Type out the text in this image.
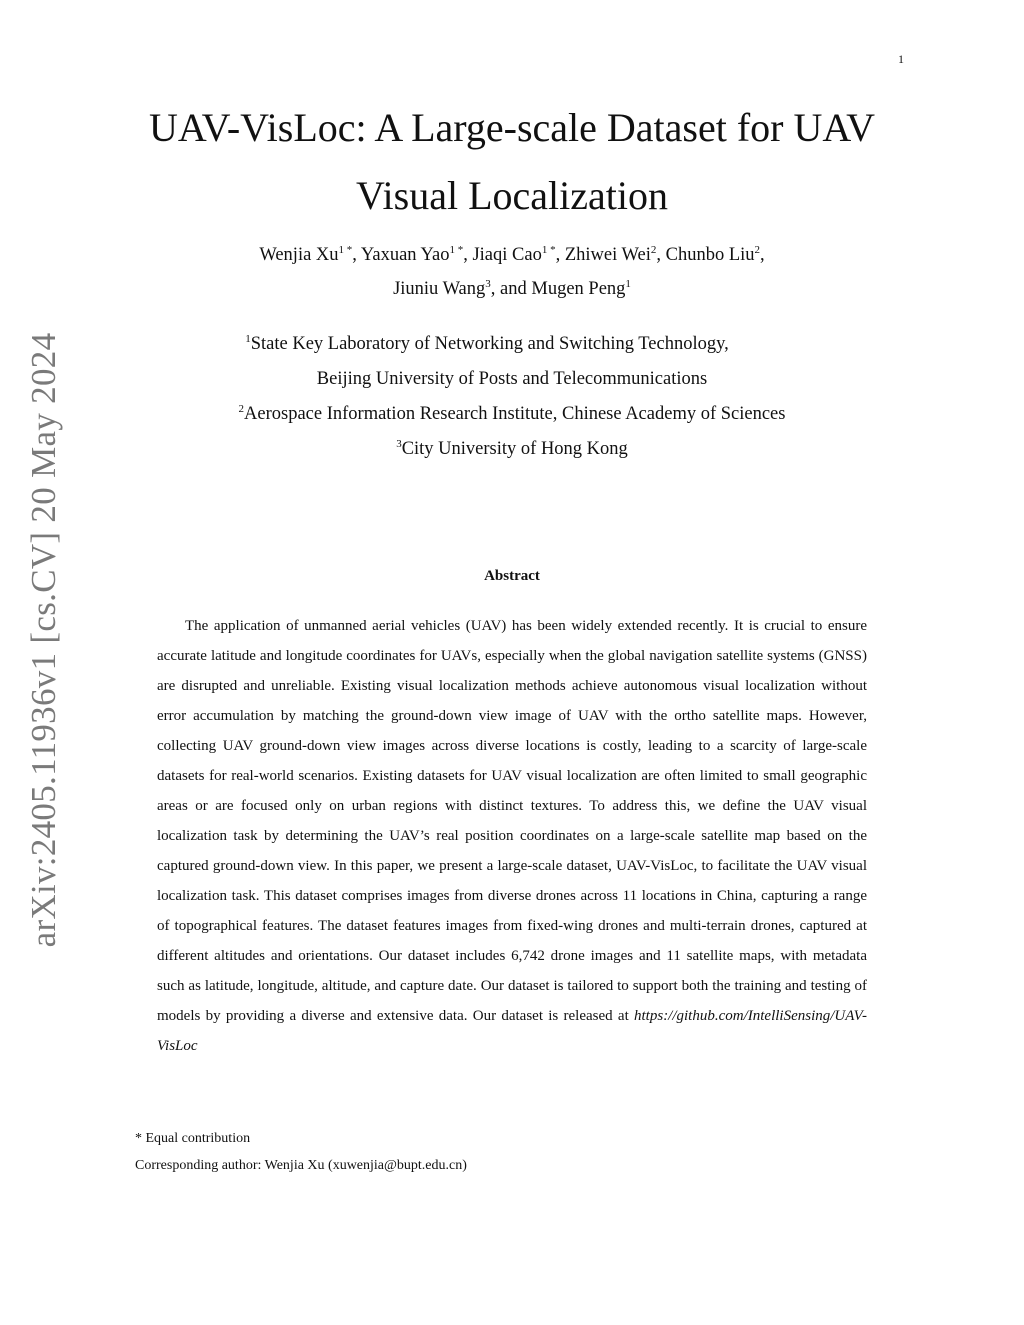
1
arXiv:2405.11936v1 [cs.CV] 20 May 2024
UAV-VisLoc: A Large-scale Dataset for UAV Visual Localization
Wenjia $Xu^{1 *}$, Yaxuan Yao$^{1 *}$, Jiaqi Cao$^{1 *}$, Zhiwei Wei$^2$, Chunbo Liu$^2$,
Jiuniu Wang$^3$, and Mugen Peng$^1$
$^1$State Key Laboratory of Networking and Switching Technology,
Beijing University of Posts and Telecommunications
$^2$Aerospace Information Research Institute, Chinese Academy of Sciences
$^3$City University of Hong Kong
Abstract

The application of unmanned aerial vehicles (UAV) has been widely extended recently. It is crucial to ensure accurate latitude and longitude coordinates for UAVs, especially when the global navigation satellite systems (GNSS) are disrupted and unreliable. Existing visual localization methods achieve autonomous visual localization without error accumulation by matching the ground-down view image of UAV with the ortho satellite maps. However, collecting UAV ground-down view images across diverse locations is costly, leading to a scarcity of large-scale datasets for real-world scenarios. Existing datasets for UAV visual localization are often limited to small geographic areas or are focused only on urban regions with distinct textures. To address this, we define the UAV visual localization task by determining the UAV’s real position coordinates on a large-scale satellite map based on the captured ground-down view. In this paper, we present a large-scale dataset, UAV-VisLoc, to facilitate the UAV visual localization task. This dataset comprises images from diverse drones across 11 locations in China, capturing a range of topographical features. The dataset features images from fixed-wing drones and multi-terrain drones, captured at different altitudes and orientations. Our dataset includes 6,742 drone images and 11 satellite maps, with metadata such as latitude, longitude, altitude, and capture date. Our dataset is tailored to support both the training and testing of models by providing a diverse and extensive data. Our dataset is released at https://github.com/IntelliSensing/UAV-VisLoc

* Equal contribution
Corresponding author: Wenjia Xu (xuwenjia@bupt.edu.cn)
